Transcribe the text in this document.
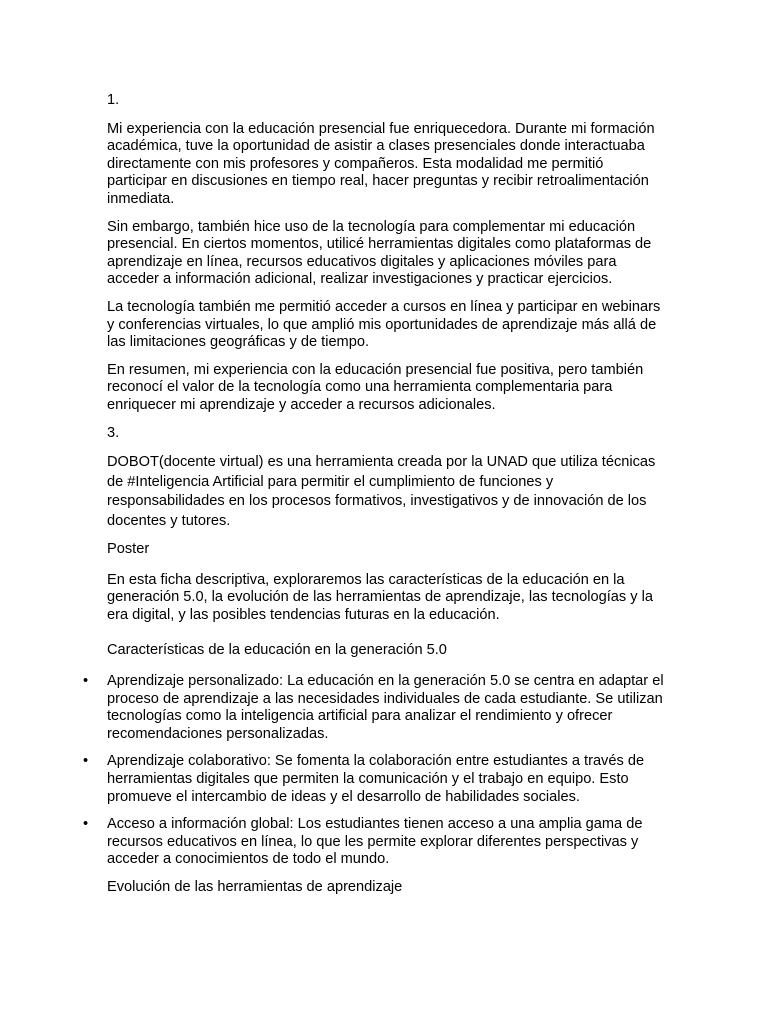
1.

Mi experiencia con la educación presencial fue enriquecedora. Durante mi formación académica, tuve la oportunidad de asistir a clases presenciales donde interactuaba directamente con mis profesores y compañeros. Esta modalidad me permitió participar en discusiones en tiempo real, hacer preguntas y recibir retroalimentación inmediata.

Sin embargo, también hice uso de la tecnología para complementar mi educación presencial. En ciertos momentos, utilicé herramientas digitales como plataformas de aprendizaje en línea, recursos educativos digitales y aplicaciones móviles para acceder a información adicional, realizar investigaciones y practicar ejercicios.

La tecnología también me permitió acceder a cursos en línea y participar en webinars y conferencias virtuales, lo que amplió mis oportunidades de aprendizaje más allá de las limitaciones geográficas y de tiempo.

En resumen, mi experiencia con la educación presencial fue positiva, pero también reconocí el valor de la tecnología como una herramienta complementaria para enriquecer mi aprendizaje y acceder a recursos adicionales.

3.

DOBOT(docente virtual) es una herramienta creada por la UNAD que utiliza técnicas de #Inteligencia Artificial para permitir el cumplimiento de funciones y responsabilidades en los procesos formativos, investigativos y de innovación de los docentes y tutores.

Poster

En esta ficha descriptiva, exploraremos las características de la educación en la generación 5.0, la evolución de las herramientas de aprendizaje, las tecnologías y la era digital, y las posibles tendencias futuras en la educación.

Características de la educación en la generación 5.0

• Aprendizaje personalizado: La educación en la generación 5.0 se centra en adaptar el proceso de aprendizaje a las necesidades individuales de cada estudiante. Se utilizan tecnologías como la inteligencia artificial para analizar el rendimiento y ofrecer recomendaciones personalizadas.
• Aprendizaje colaborativo: Se fomenta la colaboración entre estudiantes a través de herramientas digitales que permiten la comunicación y el trabajo en equipo. Esto promueve el intercambio de ideas y el desarrollo de habilidades sociales.
• Acceso a información global: Los estudiantes tienen acceso a una amplia gama de recursos educativos en línea, lo que les permite explorar diferentes perspectivas y acceder a conocimientos de todo el mundo.

Evolución de las herramientas de aprendizaje
